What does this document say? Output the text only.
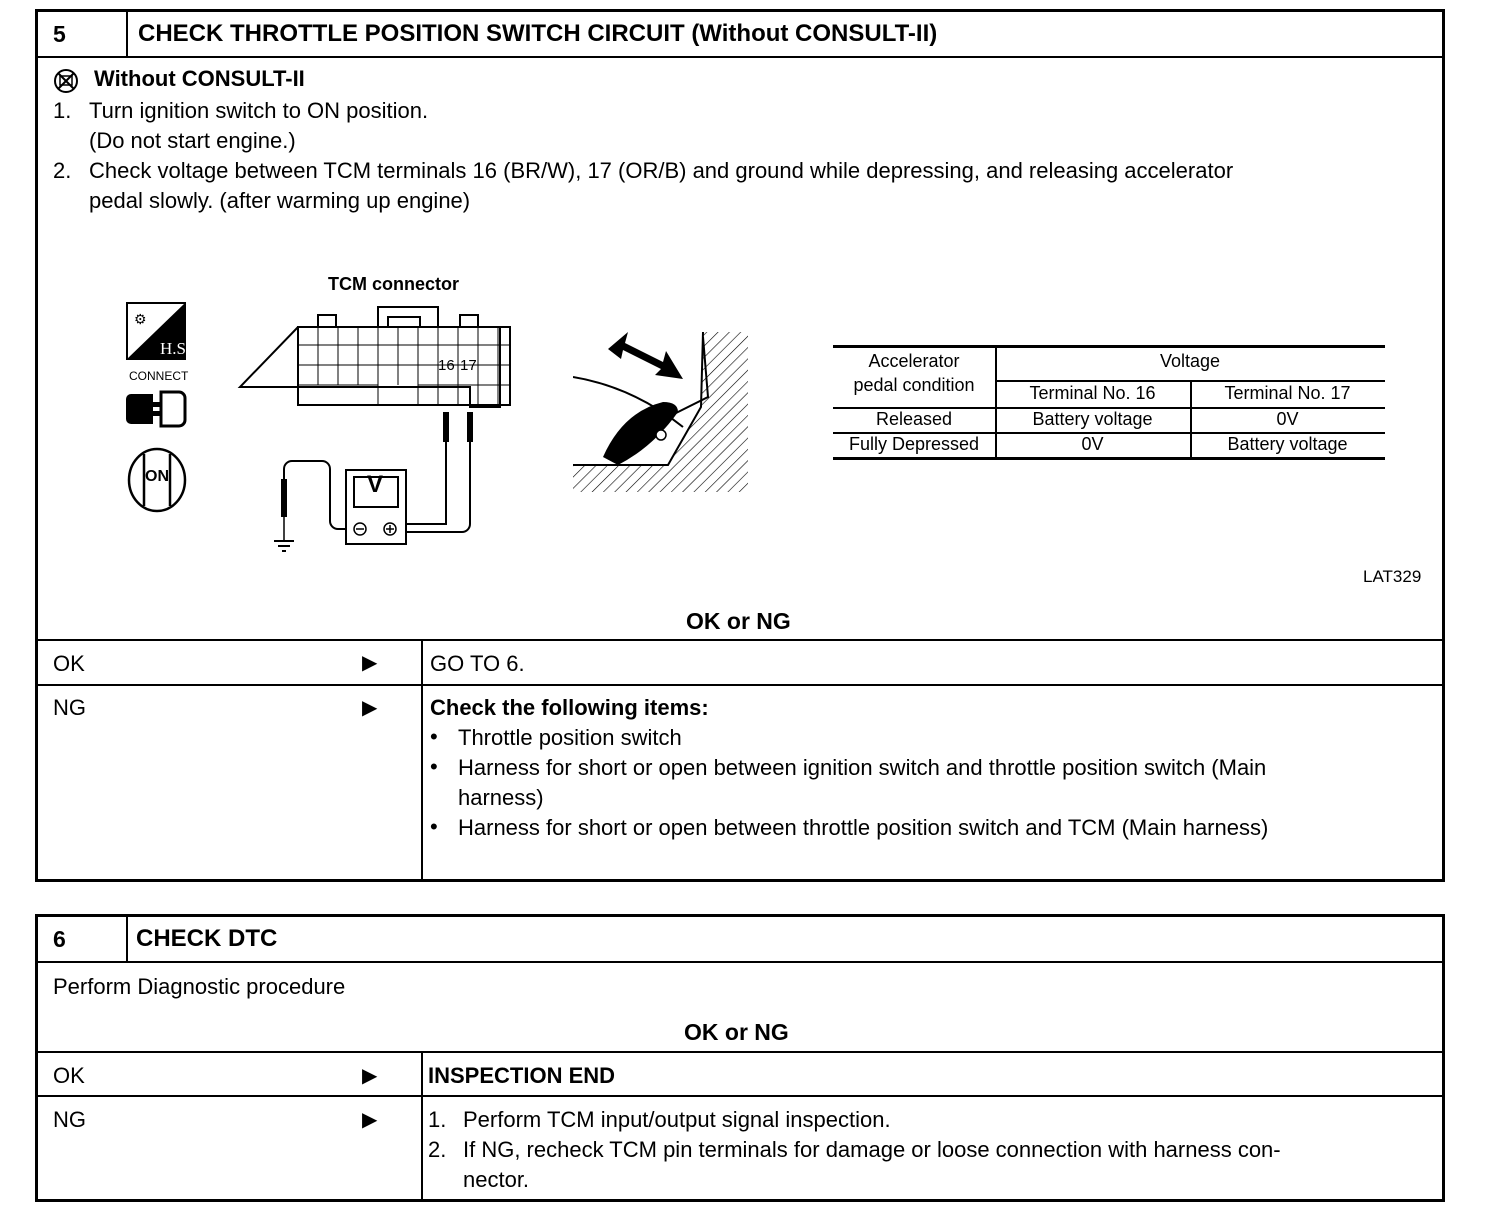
5	CHECK THROTTLE POSITION SWITCH CIRCUIT (Without CONSULT-II)
Without CONSULT-II
1. Turn ignition switch to ON position.
(Do not start engine.)
2. Check voltage between TCM terminals 16 (BR/W), 17 (OR/B) and ground while depressing, and releasing accelerator
pedal slowly. (after warming up engine)
⚙
H.S.
CONNECT
ON
TCM connector
16 17
V
Accelerator
pedal condition
Voltage
Terminal No. 16	Terminal No. 17
Released	Battery voltage	0V
Fully Depressed	0V	Battery voltage
LAT329
OK or NG
OK	▶ GO TO 6.
NG	▶ Check the following items:
• Throttle position switch
• Harness for short or open between ignition switch and throttle position switch (Main
harness)
• Harness for short or open between throttle position switch and TCM (Main harness)
6	CHECK DTC
Perform Diagnostic procedure
OK or NG
OK	▶ INSPECTION END
NG	▶ 1. Perform TCM input/output signal inspection.
2. If NG, recheck TCM pin terminals for damage or loose connection with harness con-
nector.
